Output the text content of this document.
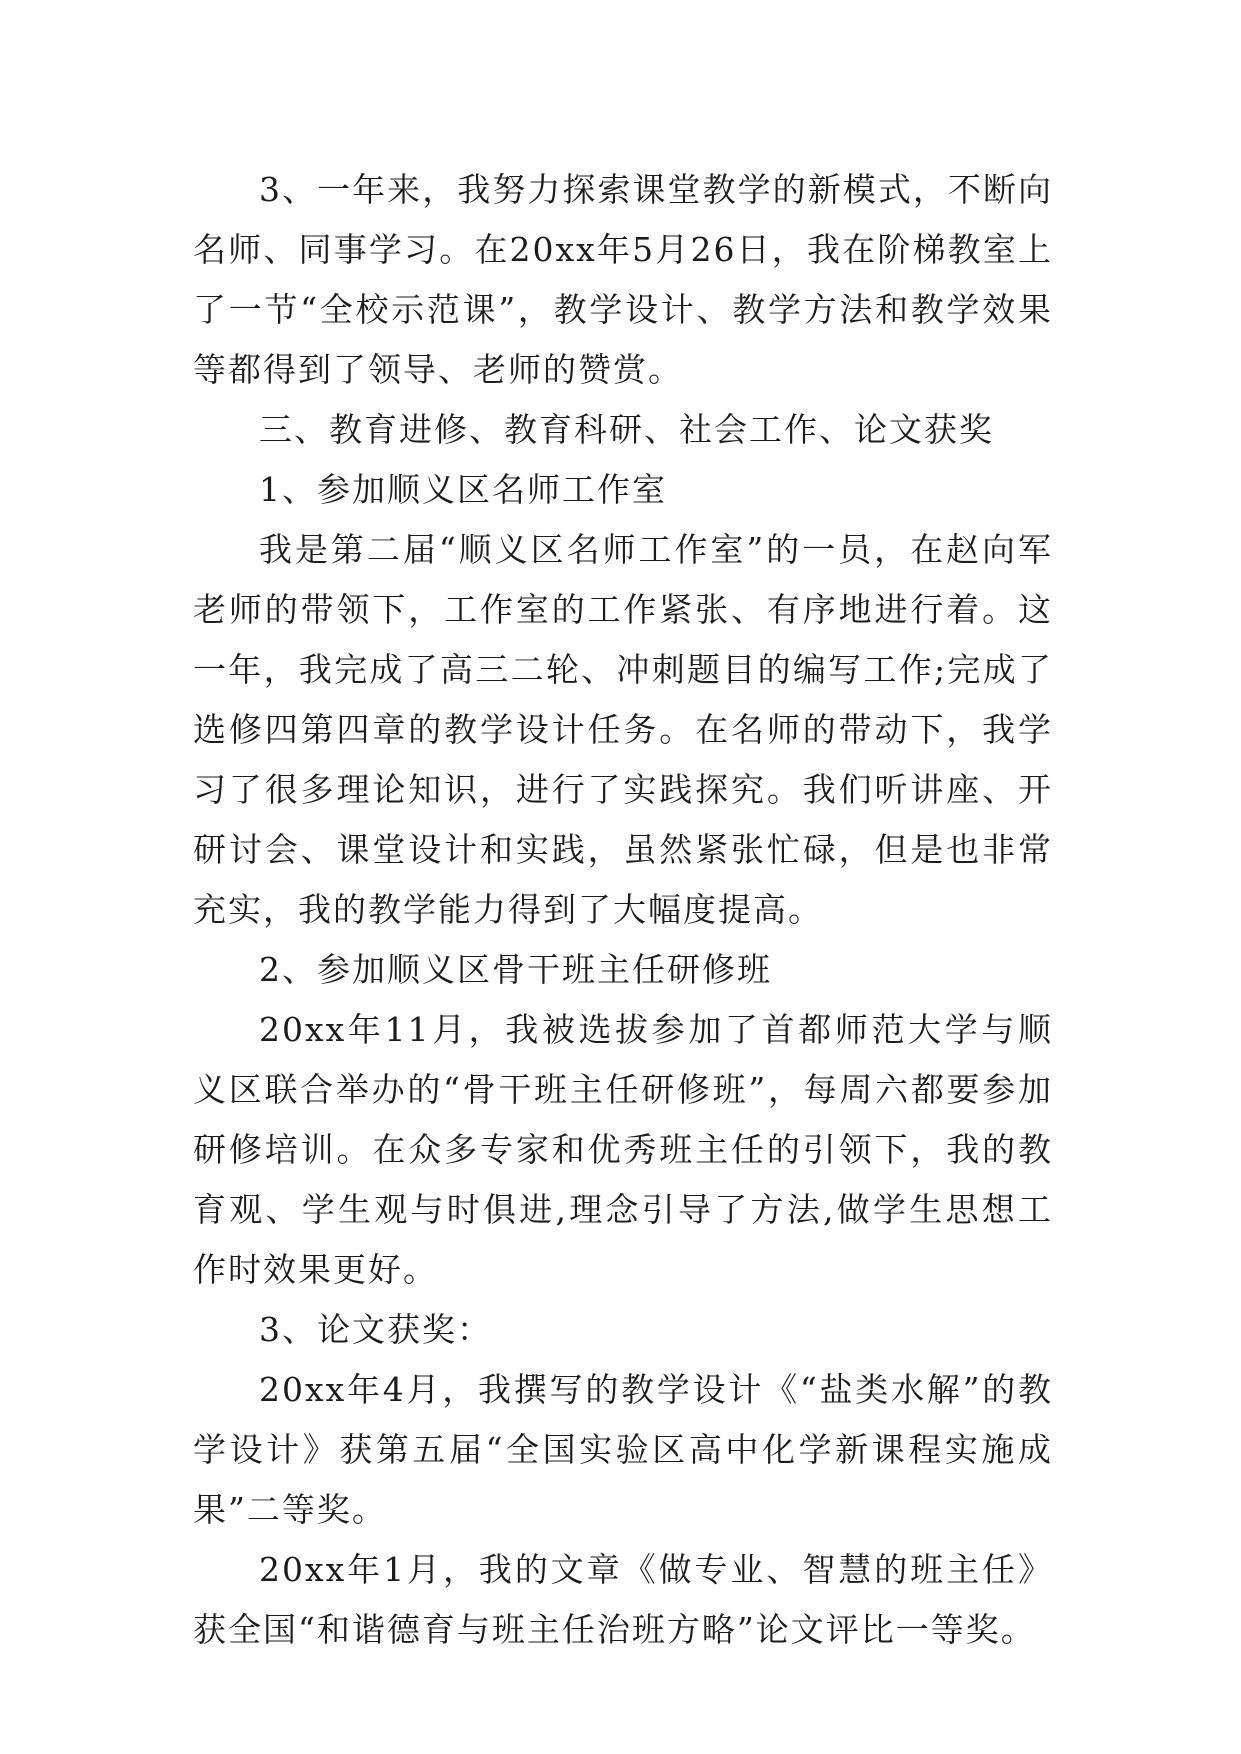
3、一年来，我努力探索课堂教学的新模式，不断向名师、同事学习。在20xx年5月26日，我在阶梯教室上了一节“全校示范课”，教学设计、教学方法和教学效果等都得到了领导、老师的赞赏。

三、教育进修、教育科研、社会工作、论文获奖

1、参加顺义区名师工作室

我是第二届“顺义区名师工作室”的一员，在赵向军老师的带领下，工作室的工作紧张、有序地进行着。这一年，我完成了高三二轮、冲刺题目的编写工作;完成了选修四第四章的教学设计任务。在名师的带动下，我学习了很多理论知识，进行了实践探究。我们听讲座、开研讨会、课堂设计和实践，虽然紧张忙碌，但是也非常充实，我的教学能力得到了大幅度提高。

2、参加顺义区骨干班主任研修班

20xx年11月，我被选拔参加了首都师范大学与顺义区联合举办的“骨干班主任研修班”，每周六都要参加研修培训。在众多专家和优秀班主任的引领下，我的教育观、学生观与时俱进,理念引导了方法,做学生思想工作时效果更好。

3、论文获奖：

20xx年4月，我撰写的教学设计《“盐类水解”的教学设计》获第五届“全国实验区高中化学新课程实施成果”二等奖。

20xx年1月，我的文章《做专业、智慧的班主任》获全国“和谐德育与班主任治班方略”论文评比一等奖。
